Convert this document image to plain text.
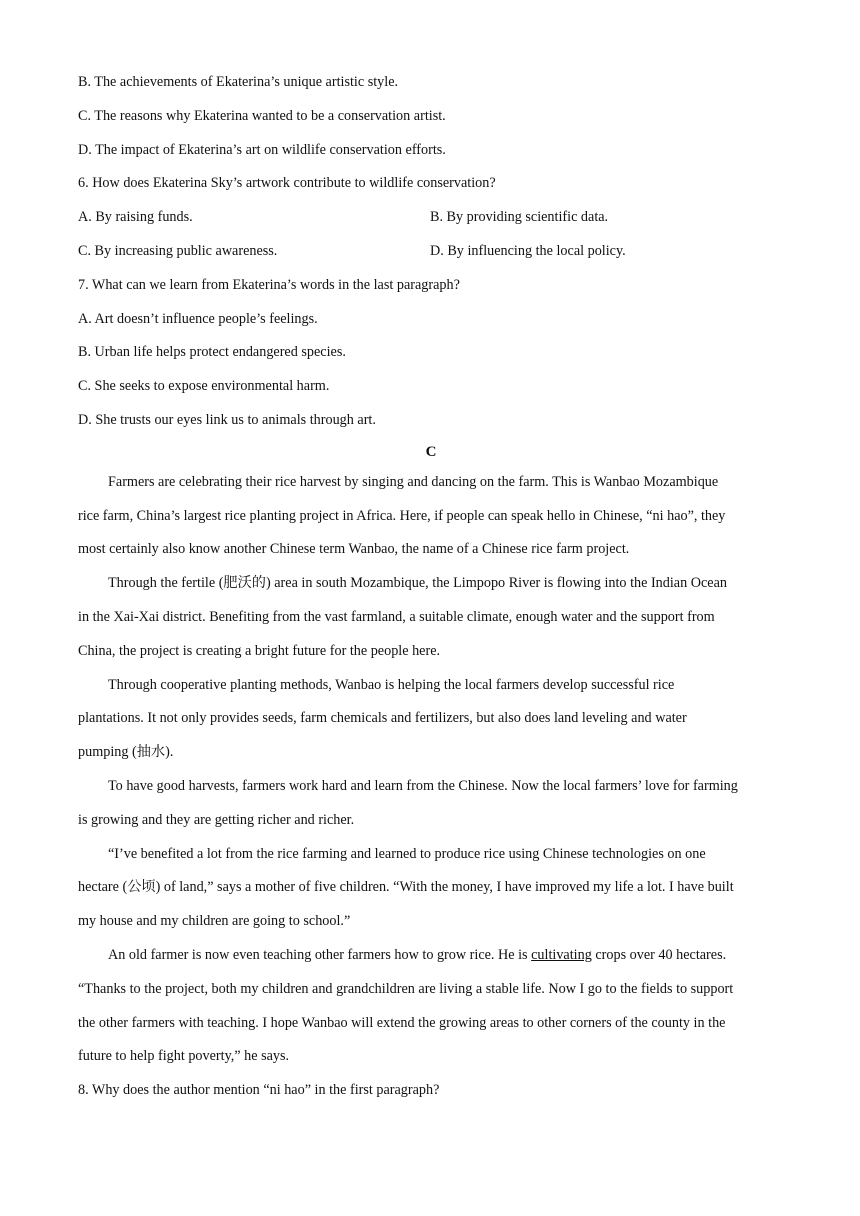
B. The achievements of Ekaterina’s unique artistic style.
C. The reasons why Ekaterina wanted to be a conservation artist.
D. The impact of Ekaterina’s art on wildlife conservation efforts.
6. How does Ekaterina Sky’s artwork contribute to wildlife conservation?
A. By raising funds.	B. By providing scientific data.
C. By increasing public awareness.	D. By influencing the local policy.
7. What can we learn from Ekaterina’s words in the last paragraph?
A. Art doesn’t influence people’s feelings.
B. Urban life helps protect endangered species.
C. She seeks to expose environmental harm.
D. She trusts our eyes link us to animals through art.
C
Farmers are celebrating their rice harvest by singing and dancing on the farm. This is Wanbao Mozambique
rice farm, China’s largest rice planting project in Africa. Here, if people can speak hello in Chinese, “ni hao”, they
most certainly also know another Chinese term Wanbao, the name of a Chinese rice farm project.
Through the fertile (肥沃的) area in south Mozambique, the Limpopo River is flowing into the Indian Ocean
in the Xai-Xai district. Benefiting from the vast farmland, a suitable climate, enough water and the support from
China, the project is creating a bright future for the people here.
Through cooperative planting methods, Wanbao is helping the local farmers develop successful rice
plantations. It not only provides seeds, farm chemicals and fertilizers, but also does land leveling and water
pumping (抽水).
To have good harvests, farmers work hard and learn from the Chinese. Now the local farmers’ love for farming
is growing and they are getting richer and richer.
“I’ve benefited a lot from the rice farming and learned to produce rice using Chinese technologies on one
hectare (公顷) of land,” says a mother of five children. “With the money, I have improved my life a lot. I have built
my house and my children are going to school.”
An old farmer is now even teaching other farmers how to grow rice. He is cultivating crops over 40 hectares.
“Thanks to the project, both my children and grandchildren are living a stable life. Now I go to the fields to support
the other farmers with teaching. I hope Wanbao will extend the growing areas to other corners of the county in the
future to help fight poverty,” he says.
8. Why does the author mention “ni hao” in the first paragraph?
